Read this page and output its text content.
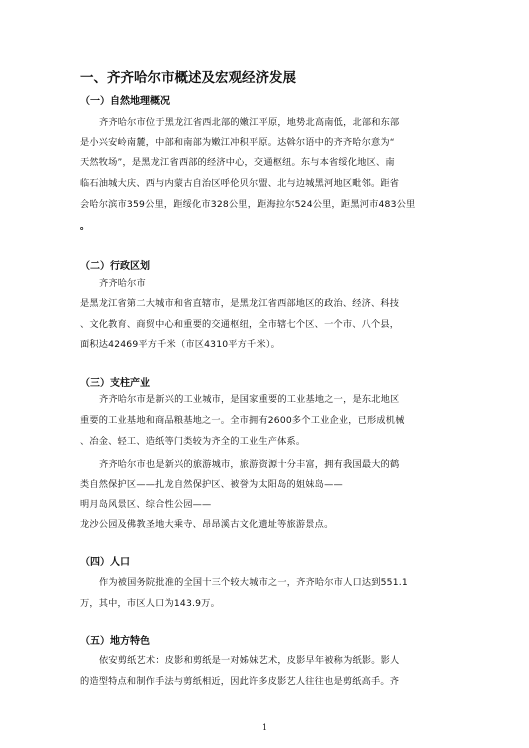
一、齐齐哈尔市概述及宏观经济发展
（一）自然地理概况
齐齐哈尔市位于黑龙江省西北部的嫩江平原，地势北高南低，北部和东部
是小兴安岭南麓，中部和南部为嫩江冲积平原。达斡尔语中的齐齐哈尔意为“
天然牧场”，是黑龙江省西部的经济中心，交通枢纽。东与本省绥化地区、南
临石油城大庆、西与内蒙古自治区呼伦贝尔盟、北与边城黑河地区毗邻。距省
会哈尔滨市359公里，距绥化市328公里，距海拉尔524公里，距黑河市483公里
。
（二）行政区划
齐齐哈尔市
是黑龙江省第二大城市和省直辖市，是黑龙江省西部地区的政治、经济、科技
、文化教育、商贸中心和重要的交通枢纽，全市辖七个区、一个市、八个县，
面积达42469平方千米（市区4310平方千米）。
（三）支柱产业
齐齐哈尔市是新兴的工业城市，是国家重要的工业基地之一，是东北地区
重要的工业基地和商品粮基地之一。全市拥有2600多个工业企业，已形成机械
、冶金、轻工、造纸等门类较为齐全的工业生产体系。
齐齐哈尔市也是新兴的旅游城市，旅游资源十分丰富，拥有我国最大的鹤
类自然保护区——扎龙自然保护区、被誉为太阳岛的姐妹岛——
明月岛风景区、综合性公园——
龙沙公园及佛教圣地大乘寺、昂昂溪古文化遗址等旅游景点。
（四）人口
作为被国务院批准的全国十三个较大城市之一，齐齐哈尔市人口达到551.1
万，其中，市区人口为143.9万。
（五）地方特色
依安剪纸艺术：皮影和剪纸是一对姊妹艺术，皮影早年被称为纸影。影人
的造型特点和制作手法与剪纸相近，因此许多皮影艺人往往也是剪纸高手。齐
1
